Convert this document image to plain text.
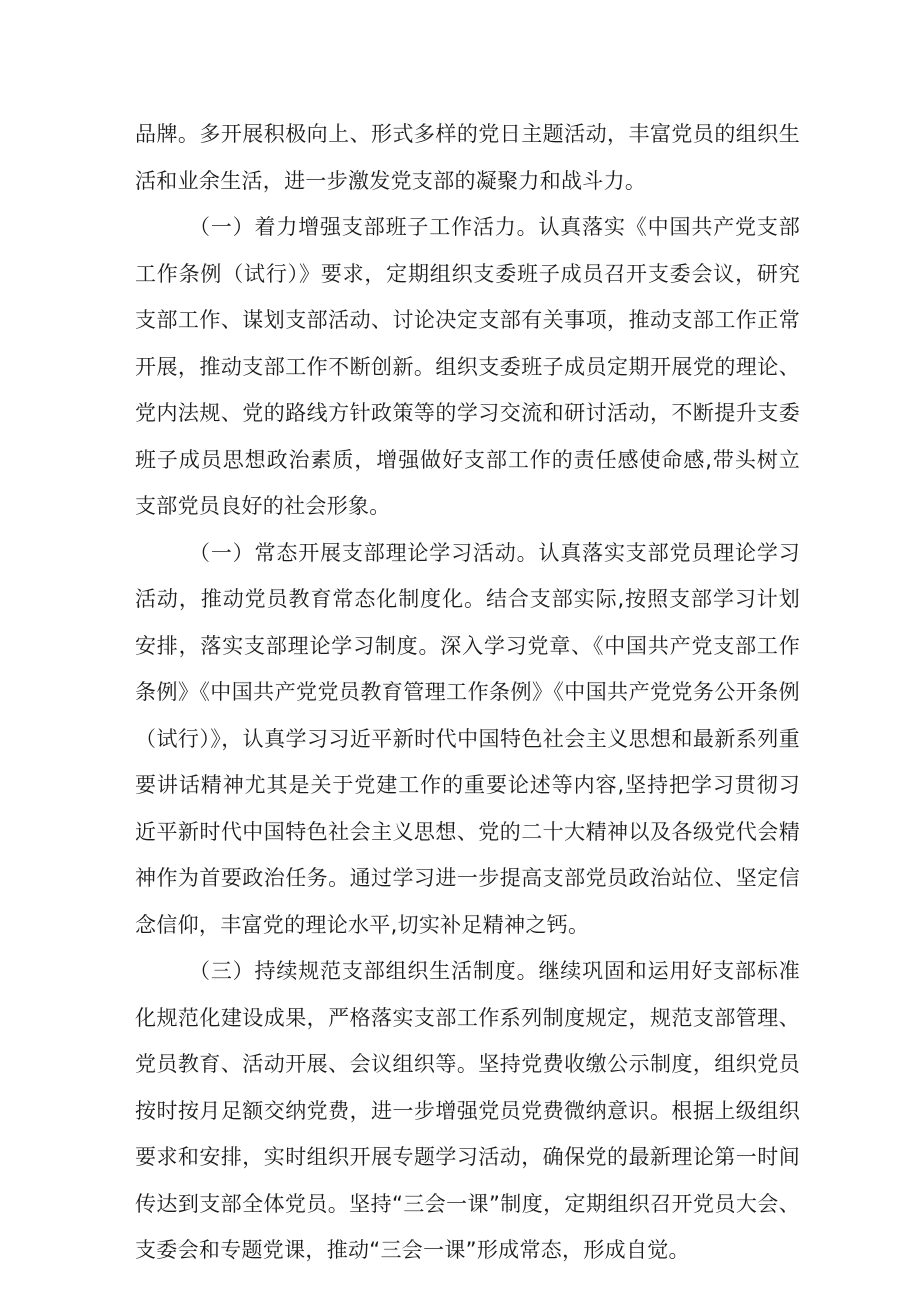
品牌。多开展积极向上、形式多样的党日主题活动，丰富党员的组织生活和业余生活，进一步激发党支部的凝聚力和战斗力。

（一）着力增强支部班子工作活力。认真落实《中国共产党支部工作条例（试行）》要求，定期组织支委班子成员召开支委会议，研究支部工作、谋划支部活动、讨论决定支部有关事项，推动支部工作正常开展，推动支部工作不断创新。组织支委班子成员定期开展党的理论、党内法规、党的路线方针政策等的学习交流和研讨活动，不断提升支委班子成员思想政治素质，增强做好支部工作的责任感使命感,带头树立支部党员良好的社会形象。

（一）常态开展支部理论学习活动。认真落实支部党员理论学习活动，推动党员教育常态化制度化。结合支部实际,按照支部学习计划安排，落实支部理论学习制度。深入学习党章、《中国共产党支部工作条例》《中国共产党党员教育管理工作条例》《中国共产党党务公开条例（试行）》，认真学习习近平新时代中国特色社会主义思想和最新系列重要讲话精神尤其是关于党建工作的重要论述等内容,坚持把学习贯彻习近平新时代中国特色社会主义思想、党的二十大精神以及各级党代会精神作为首要政治任务。通过学习进一步提高支部党员政治站位、坚定信念信仰，丰富党的理论水平,切实补足精神之钙。

（三）持续规范支部组织生活制度。继续巩固和运用好支部标准化规范化建设成果，严格落实支部工作系列制度规定，规范支部管理、党员教育、活动开展、会议组织等。坚持党费收缴公示制度，组织党员按时按月足额交纳党费，进一步增强党员党费微纳意识。根据上级组织要求和安排，实时组织开展专题学习活动，确保党的最新理论第一时间传达到支部全体党员。坚持“三会一课”制度，定期组织召开党员大会、支委会和专题党课，推动“三会一课”形成常态，形成自觉。
